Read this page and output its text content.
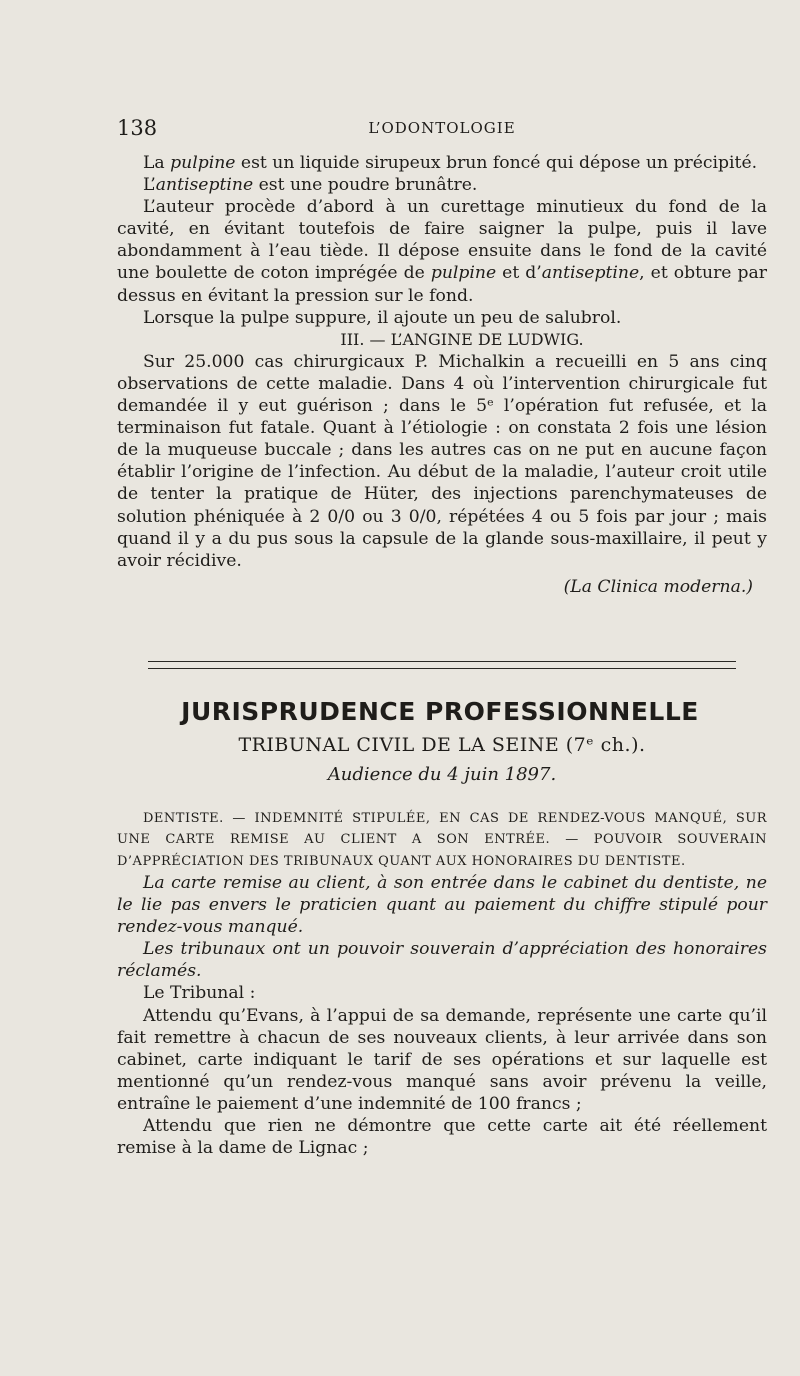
138	L’ODONTOLOGIE

La pulpine est un liquide sirupeux brun foncé qui dépose un précipité.

L’antiseptine est une poudre brunâtre.

L’auteur procède d’abord à un curettage minutieux du fond de la cavité, en évitant toutefois de faire saigner la pulpe, puis il lave abondamment à l’eau tiède. Il dépose ensuite dans le fond de la cavité une boulette de coton imprégée de pulpine et d’antiseptine, et obture par dessus en évitant la pression sur le fond.

Lorsque la pulpe suppure, il ajoute un peu de salubrol.

III. — L’ANGINE DE LUDWIG.

Sur 25.000 cas chirurgicaux P. Michalkin a recueilli en 5 ans cinq observations de cette maladie. Dans 4 où l’intervention chirurgicale fut demandée il y eut guérison ; dans le 5ᵉ l’opération fut refusée, et la terminaison fut fatale. Quant à l’étiologie : on constata 2 fois une lésion de la muqueuse buccale ; dans les autres cas on ne put en aucune façon établir l’origine de l’infection. Au début de la maladie, l’auteur croit utile de tenter la pratique de Hüter, des injections parenchymateuses de solution phéniquée à 2 0/0 ou 3 0/0, répétées 4 ou 5 fois par jour ; mais quand il y a du pus sous la capsule de la glande sous-maxillaire, il peut y avoir récidive.

(La Clinica moderna.)

JURISPRUDENCE PROFESSIONNELLE
TRIBUNAL CIVIL DE LA SEINE (7ᵉ ch.).
Audience du 4 juin 1897.

DENTISTE. — INDEMNITÉ STIPULÉE, EN CAS DE RENDEZ-VOUS MANQUÉ, SUR UNE CARTE REMISE AU CLIENT A SON ENTRÉE. — POUVOIR SOUVERAIN D’APPRÉCIATION DES TRIBUNAUX QUANT AUX HONORAIRES DU DENTISTE.

La carte remise au client, à son entrée dans le cabinet du dentiste, ne le lie pas envers le praticien quant au paiement du chiffre stipulé pour rendez-vous manqué.

Les tribunaux ont un pouvoir souverain d’appréciation des honoraires réclamés.

Le Tribunal :

Attendu qu’Evans, à l’appui de sa demande, représente une carte qu’il fait remettre à chacun de ses nouveaux clients, à leur arrivée dans son cabinet, carte indiquant le tarif de ses opérations et sur laquelle est mentionné qu’un rendez-vous manqué sans avoir prévenu la veille, entraîne le paiement d’une indemnité de 100 francs ;

Attendu que rien ne démontre que cette carte ait été réellement remise à la dame de Lignac ;
